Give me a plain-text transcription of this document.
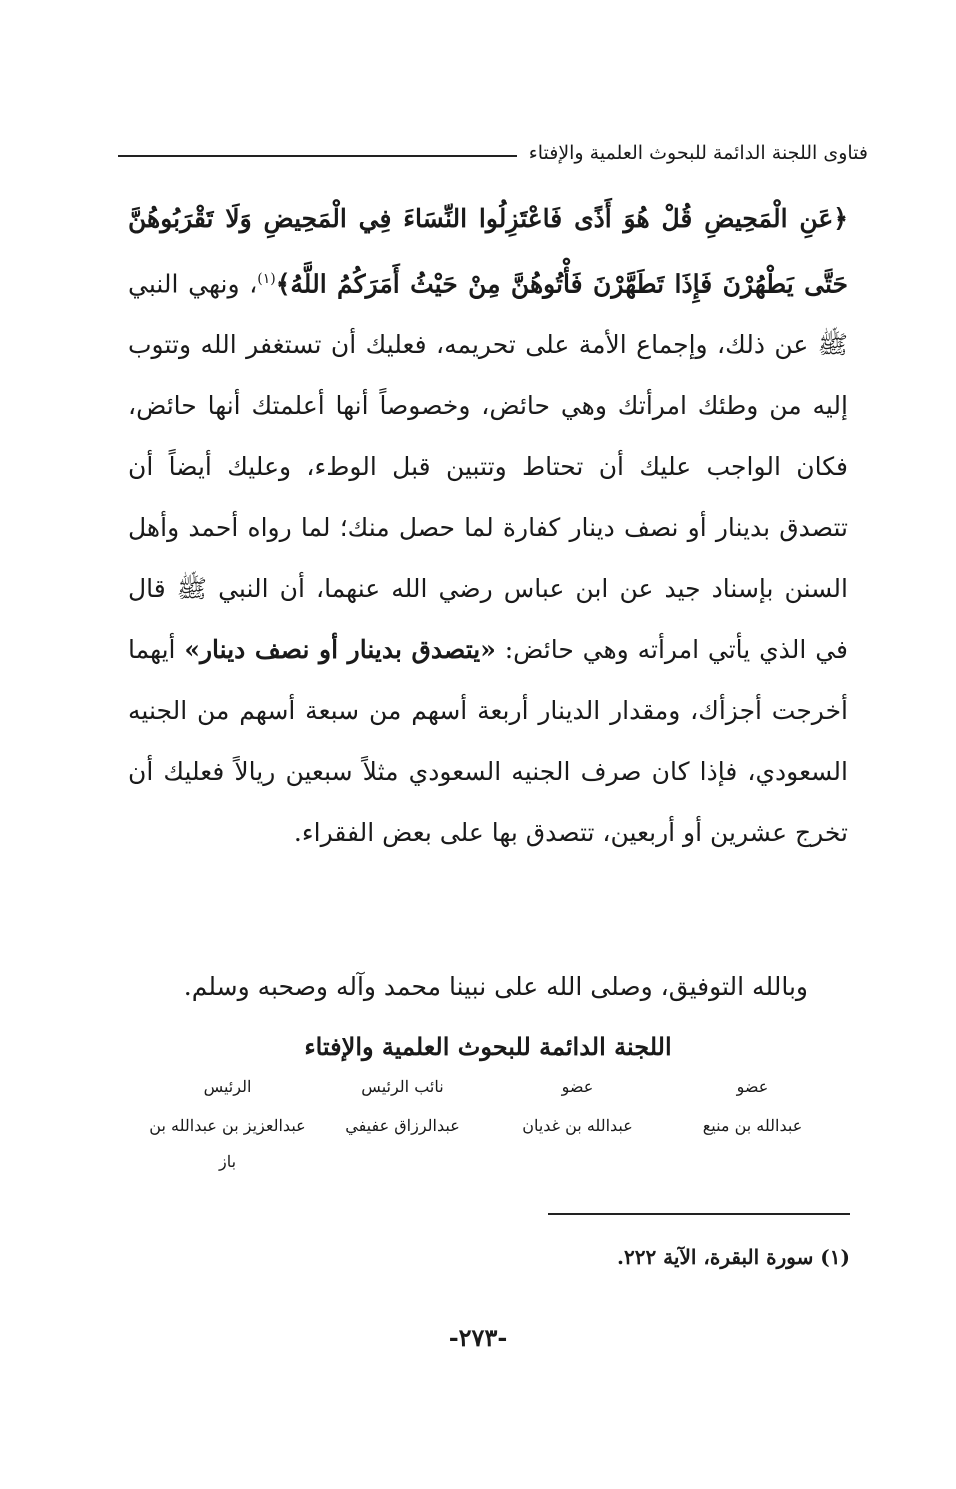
فتاوى اللجنة الدائمة للبحوث العلمية والإفتاء

﴿عَنِ الْمَحِيضِ قُلْ هُوَ أَذًى فَاعْتَزِلُوا النِّسَاءَ فِي الْمَحِيضِ وَلَا تَقْرَبُوهُنَّ حَتَّى يَطْهُرْنَ فَإِذَا تَطَهَّرْنَ فَأْتُوهُنَّ مِنْ حَيْثُ أَمَرَكُمُ اللَّهُ﴾$^{(١)}$، ونهي النبي ﷺ عن ذلك، وإجماع الأمة على تحريمه، فعليك أن تستغفر الله وتتوب إليه من وطئك امرأتك وهي حائض، وخصوصاً أنها أعلمتك أنها حائض، فكان الواجب عليك أن تحتاط وتتبين قبل الوطء، وعليك أيضاً أن تتصدق بدينار أو نصف دينار كفارة لما حصل منك؛ لما رواه أحمد وأهل السنن بإسناد جيد عن ابن عباس رضي الله عنهما، أن النبي ﷺ قال في الذي يأتي امرأته وهي حائض: «يتصدق بدينار أو نصف دينار» أيهما أخرجت أجزأك، ومقدار الدينار أربعة أسهم من سبعة أسهم من الجنيه السعودي، فإذا كان صرف الجنيه السعودي مثلاً سبعين ريالاً فعليك أن تخرج عشرين أو أربعين، تتصدق بها على بعض الفقراء.

وبالله التوفيق، وصلى الله على نبينا محمد وآله وصحبه وسلم.
اللجنة الدائمة للبحوث العلمية والإفتاء
عضو
عضو
نائب الرئيس
الرئيس
عبدالله بن منيع
عبدالله بن غديان
عبدالرزاق عفيفي
عبدالعزيز بن عبدالله بن باز
(١) سورة البقرة، الآية ٢٢٢.
-٢٧٣-
